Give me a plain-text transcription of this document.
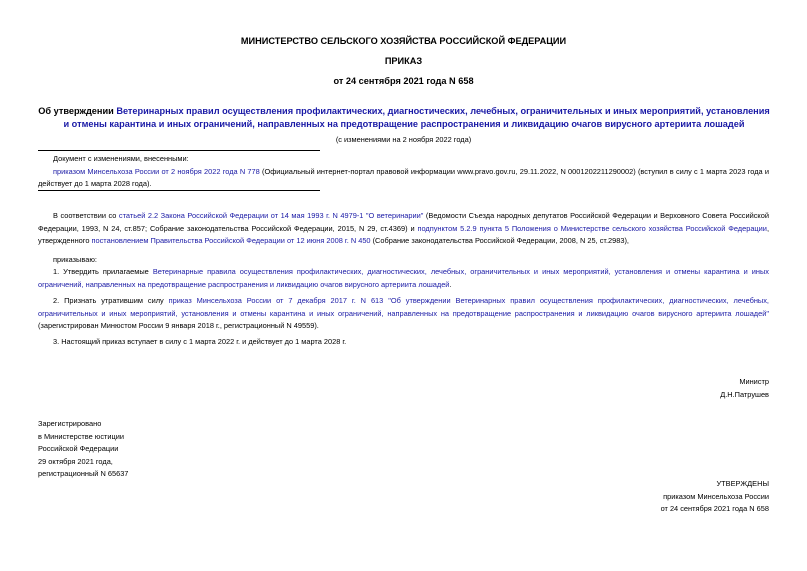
МИНИСТЕРСТВО СЕЛЬСКОГО ХОЗЯЙСТВА РОССИЙСКОЙ ФЕДЕРАЦИИ
ПРИКАЗ
от 24 сентября 2021 года N 658
Об утверждении Ветеринарных правил осуществления профилактических, диагностических, лечебных, ограничительных и иных мероприятий, установления и отмены карантина и иных ограничений, направленных на предотвращение распространения и ликвидацию очагов вирусного артериита лошадей
(с изменениями на 2 ноября 2022 года)
Документ с изменениями, внесенными:
приказом Минсельхоза России от 2 ноября 2022 года N 778 (Официальный интернет-портал правовой информации www.pravo.gov.ru, 29.11.2022, N 0001202211290002) (вступил в силу с 1 марта 2023 года и действует до 1 марта 2028 года).
В соответствии со статьей 2.2 Закона Российской Федерации от 14 мая 1993 г. N 4979-1 "О ветеринарии" (Ведомости Съезда народных депутатов Российской Федерации и Верховного Совета Российской Федерации, 1993, N 24, ст.857; Собрание законодательства Российской Федерации, 2015, N 29, ст.4369) и подпунктом 5.2.9 пункта 5 Положения о Министерстве сельского хозяйства Российской Федерации, утвержденного постановлением Правительства Российской Федерации от 12 июня 2008 г. N 450 (Собрание законодательства Российской Федерации, 2008, N 25, ст.2983),
приказываю:
1. Утвердить прилагаемые Ветеринарные правила осуществления профилактических, диагностических, лечебных, ограничительных и иных мероприятий, установления и отмены карантина и иных ограничений, направленных на предотвращение распространения и ликвидацию очагов вирусного артериита лошадей.
2. Признать утратившим силу приказ Минсельхоза России от 7 декабря 2017 г. N 613 "Об утверждении Ветеринарных правил осуществления профилактических, диагностических, лечебных, ограничительных и иных мероприятий, установления и отмены карантина и иных ограничений, направленных на предотвращение распространения и ликвидацию очагов вирусного артериита лошадей" (зарегистрирован Минюстом России 9 января 2018 г., регистрационный N 49559).
3. Настоящий приказ вступает в силу с 1 марта 2022 г. и действует до 1 марта 2028 г.
Министр
Д.Н.Патрушев
Зарегистрировано
в Министерстве юстиции
Российской Федерации
29 октября 2021 года,
регистрационный N 65637
УТВЕРЖДЕНЫ
приказом Минсельхоза России
от 24 сентября 2021 года N 658
